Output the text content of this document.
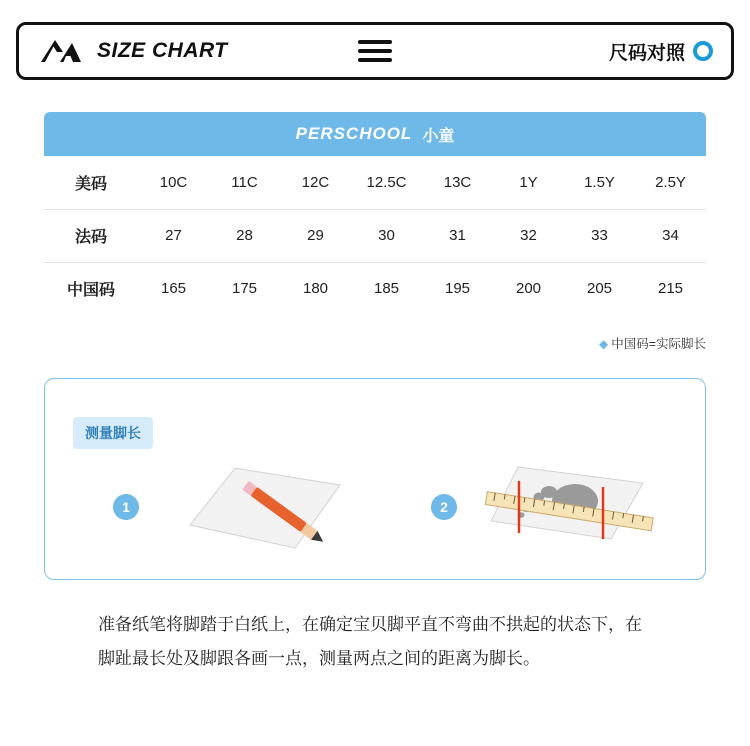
SIZE CHART	尺码对照
PERSCHOOL 小童
美码	10C	11C	12C	12.5C	13C	1Y	1.5Y	2.5Y
法码	27	28	29	30	31	32	33	34
中国码	165	175	180	185	195	200	205	215
◆ 中国码=实际脚长
测量脚长
1	2
准备纸笔将脚踏于白纸上，在确定宝贝脚平直不弯曲不拱起的状态下，在脚趾最长处及脚跟各画一点，测量两点之间的距离为脚长。
